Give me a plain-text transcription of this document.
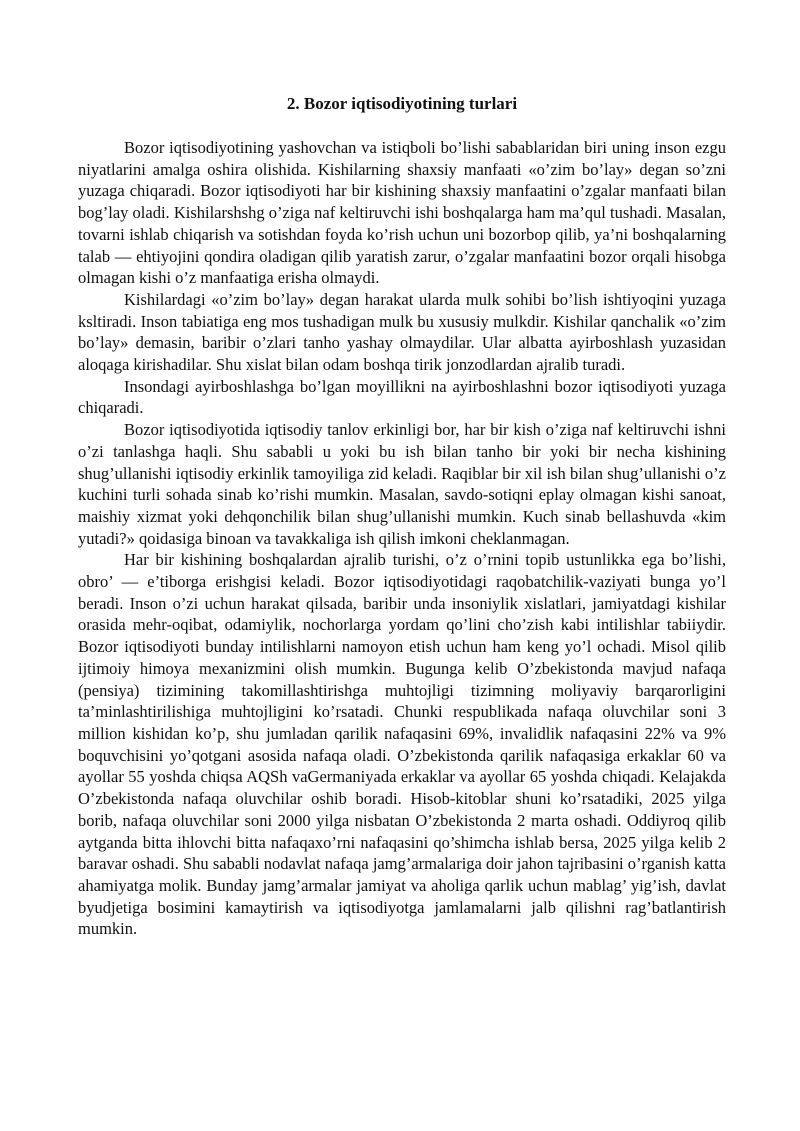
2. Bozor iqtisodiyotining turlari

Bozor iqtisodiyotining yashovchan va istiqboli bo’lishi sabablaridan biri uning inson ezgu niyatlarini amalga oshira olishida. Kishilarning shaxsiy manfaati «o’zim bo’lay» degan so’zni yuzaga chiqaradi. Bozor iqtisodiyoti har bir kishining shaxsiy manfaatini o’zgalar manfaati bilan bog’lay oladi. Kishilarshshg o’ziga naf keltiruvchi ishi boshqalarga ham ma’qul tushadi. Masalan, tovarni ishlab chiqarish va sotishdan foyda ko’rish uchun uni bozorbop qilib, ya’ni boshqalarning talab — ehtiyojini qondira oladigan qilib yaratish zarur, o’zgalar manfaatini bozor orqali hisobga olmagan kishi o’z manfaatiga erisha olmaydi.

Kishilardagi «o’zim bo’lay» degan harakat ularda mulk sohibi bo’lish ishtiyoqini yuzaga ksltiradi. Inson tabiatiga eng mos tushadigan mulk bu xususiy mulkdir. Kishilar qanchalik «o’zim bo’lay» demasin, baribir o’zlari tanho yashay olmaydilar. Ular albatta ayirboshlash yuzasidan aloqaga kirishadilar. Shu xislat bilan odam boshqa tirik jonzodlardan ajralib turadi.

Insondagi ayirboshlashga bo’lgan moyillikni na ayirboshlashni bozor iqtisodiyoti yuzaga chiqaradi.

Bozor iqtisodiyotida iqtisodiy tanlov erkinligi bor, har bir kish o’ziga naf keltiruvchi ishni o’zi tanlashga haqli. Shu sababli u yoki bu ish bilan tanho bir yoki bir necha kishining shug’ullanishi iqtisodiy erkinlik tamoyiliga zid keladi. Raqiblar bir xil ish bilan shug’ullanishi o’z kuchini turli sohada sinab ko’rishi mumkin. Masalan, savdo-sotiqni eplay olmagan kishi sanoat, maishiy xizmat yoki dehqonchilik bilan shug’ullanishi mumkin. Kuch sinab bellashuvda «kim yutadi?» qoidasiga binoan va tavakkaliga ish qilish imkoni cheklanmagan.

Har bir kishining boshqalardan ajralib turishi, o’z o’rnini topib ustunlikka ega bo’lishi, obro’ — e’tiborga erishgisi keladi. Bozor iqtisodiyotidagi raqobatchilik-vaziyati bunga yo’l beradi. Inson o’zi uchun harakat qilsada, baribir unda insoniylik xislatlari, jamiyatdagi kishilar orasida mehr-oqibat, odamiylik, nochorlarga yordam qo’lini cho’zish kabi intilishlar tabiiydir. Bozor iqtisodiyoti bunday intilishlarni namoyon etish uchun ham keng yo’l ochadi. Misol qilib ijtimoiy himoya mexanizmini olish mumkin. Bugunga kelib O’zbekistonda mavjud nafaqa (pensiya) tizimining takomillashtirishga muhtojligi tizimning moliyaviy barqarorligini ta’minlashtirilishiga muhtojligini ko’rsatadi. Chunki respublikada nafaqa oluvchilar soni 3 million kishidan ko’p, shu jumladan qarilik nafaqasini 69%, invalidlik nafaqasini 22% va 9% boquvchisini yo’qotgani asosida nafaqa oladi. O’zbekistonda qarilik nafaqasiga erkaklar 60 va ayollar 55 yoshda chiqsa AQSh vaGermaniyada erkaklar va ayollar 65 yoshda chiqadi. Kelajakda O’zbekistonda nafaqa oluvchilar oshib boradi. Hisob-kitoblar shuni ko’rsatadiki, 2025 yilga borib, nafaqa oluvchilar soni 2000 yilga nisbatan O’zbekistonda 2 marta oshadi. Oddiyroq qilib aytganda bitta ihlovchi bitta nafaqaxo’rni nafaqasini qo’shimcha ishlab bersa, 2025 yilga kelib 2 baravar oshadi. Shu sababli nodavlat nafaqa jamg’armalariga doir jahon tajribasini o’rganish katta ahamiyatga molik. Bunday jamg’armalar jamiyat va aholiga qarlik uchun mablag’ yig’ish, davlat byudjetiga bosimini kamaytirish va iqtisodiyotga jamlamalarni jalb qilishni rag’batlantirish mumkin.
